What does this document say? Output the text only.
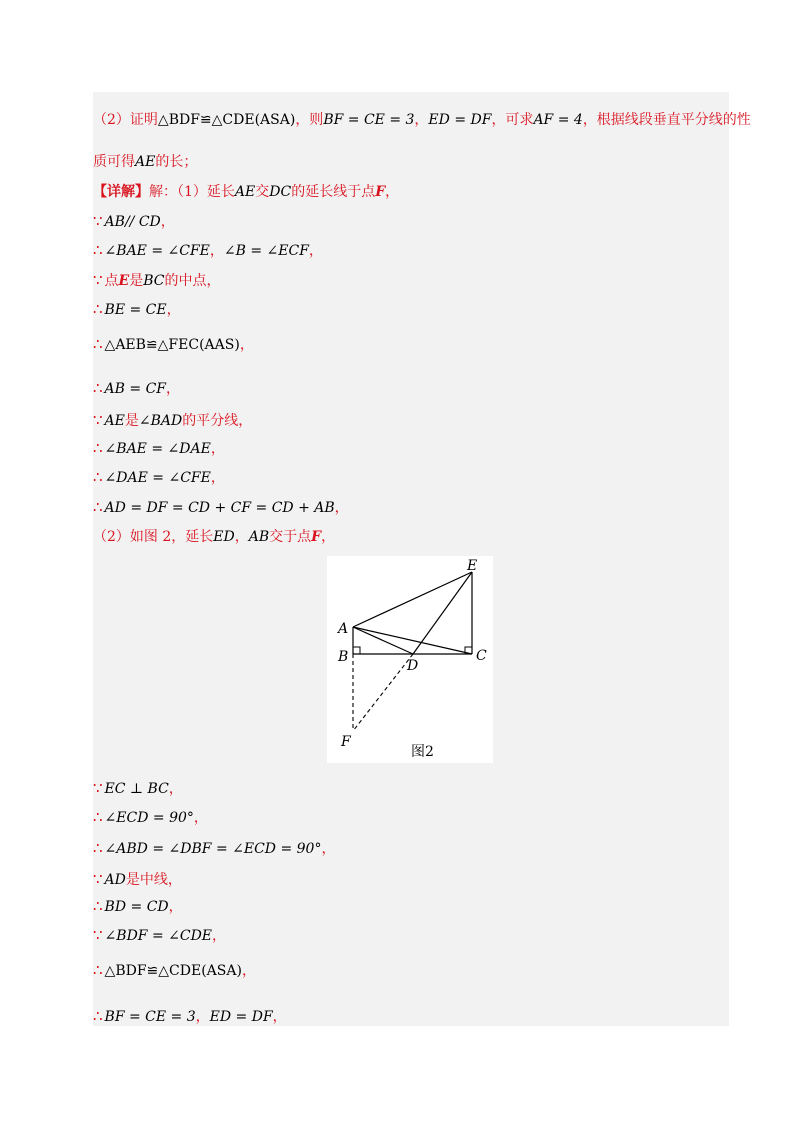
（2）证明△BDF≌△CDE(ASA)，则BF = CE = 3，ED = DF，可求AF = 4，根据线段垂直平分线的性
质可得AE的长；
【详解】解：（1）延长AE交DC的延长线于点F，
∵ AB// CD，
∴ ∠BAE = ∠CFE，∠B = ∠ECF，
∵ 点E是BC的中点，
∴ BE = CE，
∴ △AEB≌△FEC(AAS)，
∴ AB = CF，
∵ AE是∠BAD的平分线，
∴ ∠BAE = ∠DAE，
∴ ∠DAE = ∠CFE，
∴ AD = DF = CD + CF = CD + AB，
（2）如图 2，延长ED，AB交于点F，
E
A
B	C
D
F
图2
∵ EC ⊥ BC，
∴ ∠ECD = 90°，
∴ ∠ABD = ∠DBF = ∠ECD = 90°，
∵ AD是中线，
∴ BD = CD，
∵ ∠BDF = ∠CDE，
∴ △BDF≌△CDE(ASA)，
∴ BF = CE = 3，ED = DF，
